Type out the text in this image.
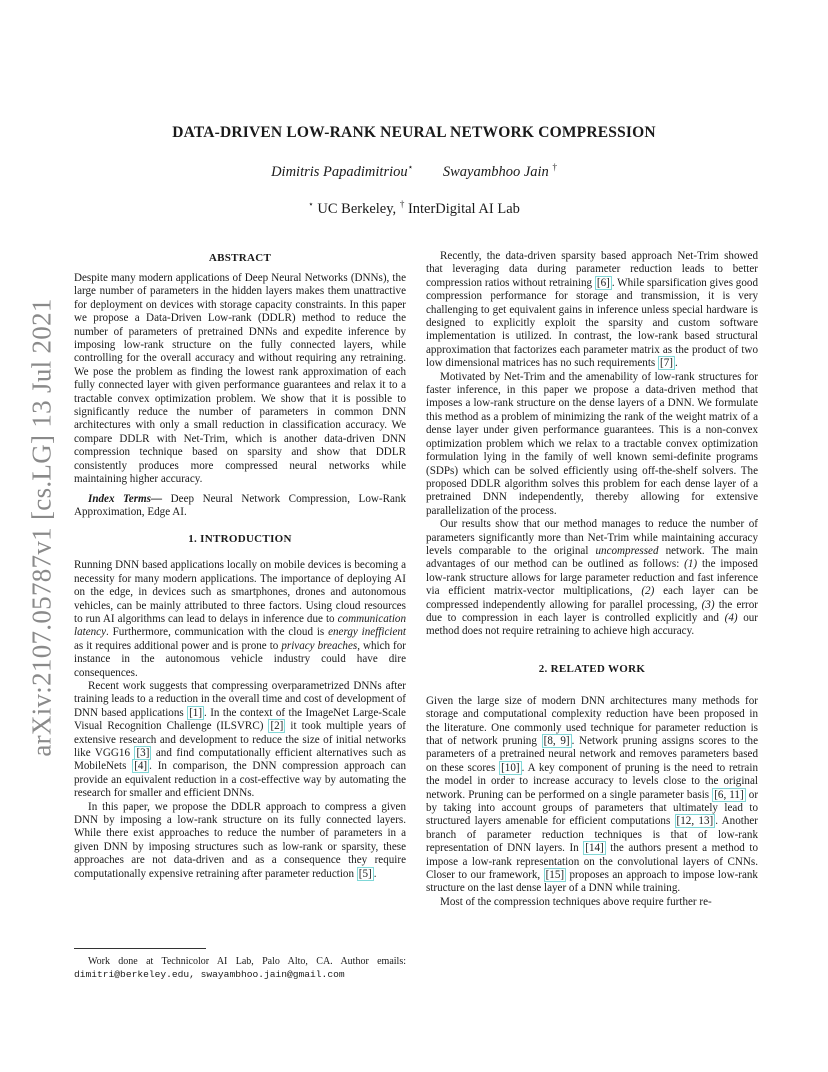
arXiv:2107.05787v1 [cs.LG] 13 Jul 2021
DATA-DRIVEN LOW-RANK NEURAL NETWORK COMPRESSION
Dimitris Papadimitriou⋆ Swayambhoo Jain †
⋆ UC Berkeley, † InterDigital AI Lab
ABSTRACT

Despite many modern applications of Deep Neural Networks (DNNs), the large number of parameters in the hidden layers makes them unattractive for deployment on devices with storage capacity constraints. In this paper we propose a Data-Driven Low-rank (DDLR) method to reduce the number of parameters of pretrained DNNs and expedite inference by imposing low-rank structure on the fully connected layers, while controlling for the overall accuracy and without requiring any retraining. We pose the problem as finding the lowest rank approximation of each fully connected layer with given performance guarantees and relax it to a tractable convex optimization problem. We show that it is possible to significantly reduce the number of parameters in common DNN architectures with only a small reduction in classification accuracy. We compare DDLR with Net-Trim, which is another data-driven DNN compression technique based on sparsity and show that DDLR consistently produces more compressed neural networks while maintaining higher accuracy.

Index Terms— Deep Neural Network Compression, Low-Rank Approximation, Edge AI.

1. INTRODUCTION

Running DNN based applications locally on mobile devices is becoming a necessity for many modern applications. The importance of deploying AI on the edge, in devices such as smartphones, drones and autonomous vehicles, can be mainly attributed to three factors. Using cloud resources to run AI algorithms can lead to delays in inference due to communication latency. Furthermore, communication with the cloud is energy inefficient as it requires additional power and is prone to privacy breaches, which for instance in the autonomous vehicle industry could have dire consequences.

Recent work suggests that compressing overparametrized DNNs after training leads to a reduction in the overall time and cost of development of DNN based applications [1] . In the context of the ImageNet Large-Scale Visual Recognition Challenge (ILSVRC) [2] it took multiple years of extensive research and development to reduce the size of initial networks like VGG16 [3] and find computationally efficient alternatives such as MobileNets [4] . In comparison, the DNN compression approach can provide an equivalent reduction in a cost-effective way by automating the research for smaller and efficient DNNs.

In this paper, we propose the DDLR approach to compress a given DNN by imposing a low-rank structure on its fully connected layers. While there exist approaches to reduce the number of parameters in a given DNN by imposing structures such as low-rank or sparsity, these approaches are not data-driven and as a consequence they require computationally expensive retraining after parameter reduction [5] .

Work done at Technicolor AI Lab, Palo Alto, CA. Author emails: dimitri@berkeley.edu, swayambhoo.jain@gmail.com

Recently, the data-driven sparsity based approach Net-Trim showed that leveraging data during parameter reduction leads to better compression ratios without retraining [6] . While sparsification gives good compression performance for storage and transmission, it is very challenging to get equivalent gains in inference unless special hardware is designed to explicitly exploit the sparsity and custom software implementation is utilized. In contrast, the low-rank based structural approximation that factorizes each parameter matrix as the product of two low dimensional matrices has no such requirements [7] .

Motivated by Net-Trim and the amenability of low-rank structures for faster inference, in this paper we propose a data-driven method that imposes a low-rank structure on the dense layers of a DNN. We formulate this method as a problem of minimizing the rank of the weight matrix of a dense layer under given performance guarantees. This is a non-convex optimization problem which we relax to a tractable convex optimization formulation lying in the family of well known semi-definite programs (SDPs) which can be solved efficiently using off-the-shelf solvers. The proposed DDLR algorithm solves this problem for each dense layer of a pretrained DNN independently, thereby allowing for extensive parallelization of the process.

Our results show that our method manages to reduce the number of parameters significantly more than Net-Trim while maintaining accuracy levels comparable to the original uncompressed network. The main advantages of our method can be outlined as follows: (1) the imposed low-rank structure allows for large parameter reduction and fast inference via efficient matrix-vector multiplications, (2) each layer can be compressed independently allowing for parallel processing, (3) the error due to compression in each layer is controlled explicitly and (4) our method does not require retraining to achieve high accuracy.

2. RELATED WORK

Given the large size of modern DNN architectures many methods for storage and computational complexity reduction have been proposed in the literature. One commonly used technique for parameter reduction is that of network pruning [8, 9] . Network pruning assigns scores to the parameters of a pretrained neural network and removes parameters based on these scores [10] . A key component of pruning is the need to retrain the model in order to increase accuracy to levels close to the original network. Pruning can be performed on a single parameter basis [6, 11] or by taking into account groups of parameters that ultimately lead to structured layers amenable for efficient computations [12, 13] . Another branch of parameter reduction techniques is that of low-rank representation of DNN layers. In [14] the authors present a method to impose a low-rank representation on the convolutional layers of CNNs. Closer to our framework, [15] proposes an approach to impose low-rank structure on the last dense layer of a DNN while training.

Most of the compression techniques above require further re-
